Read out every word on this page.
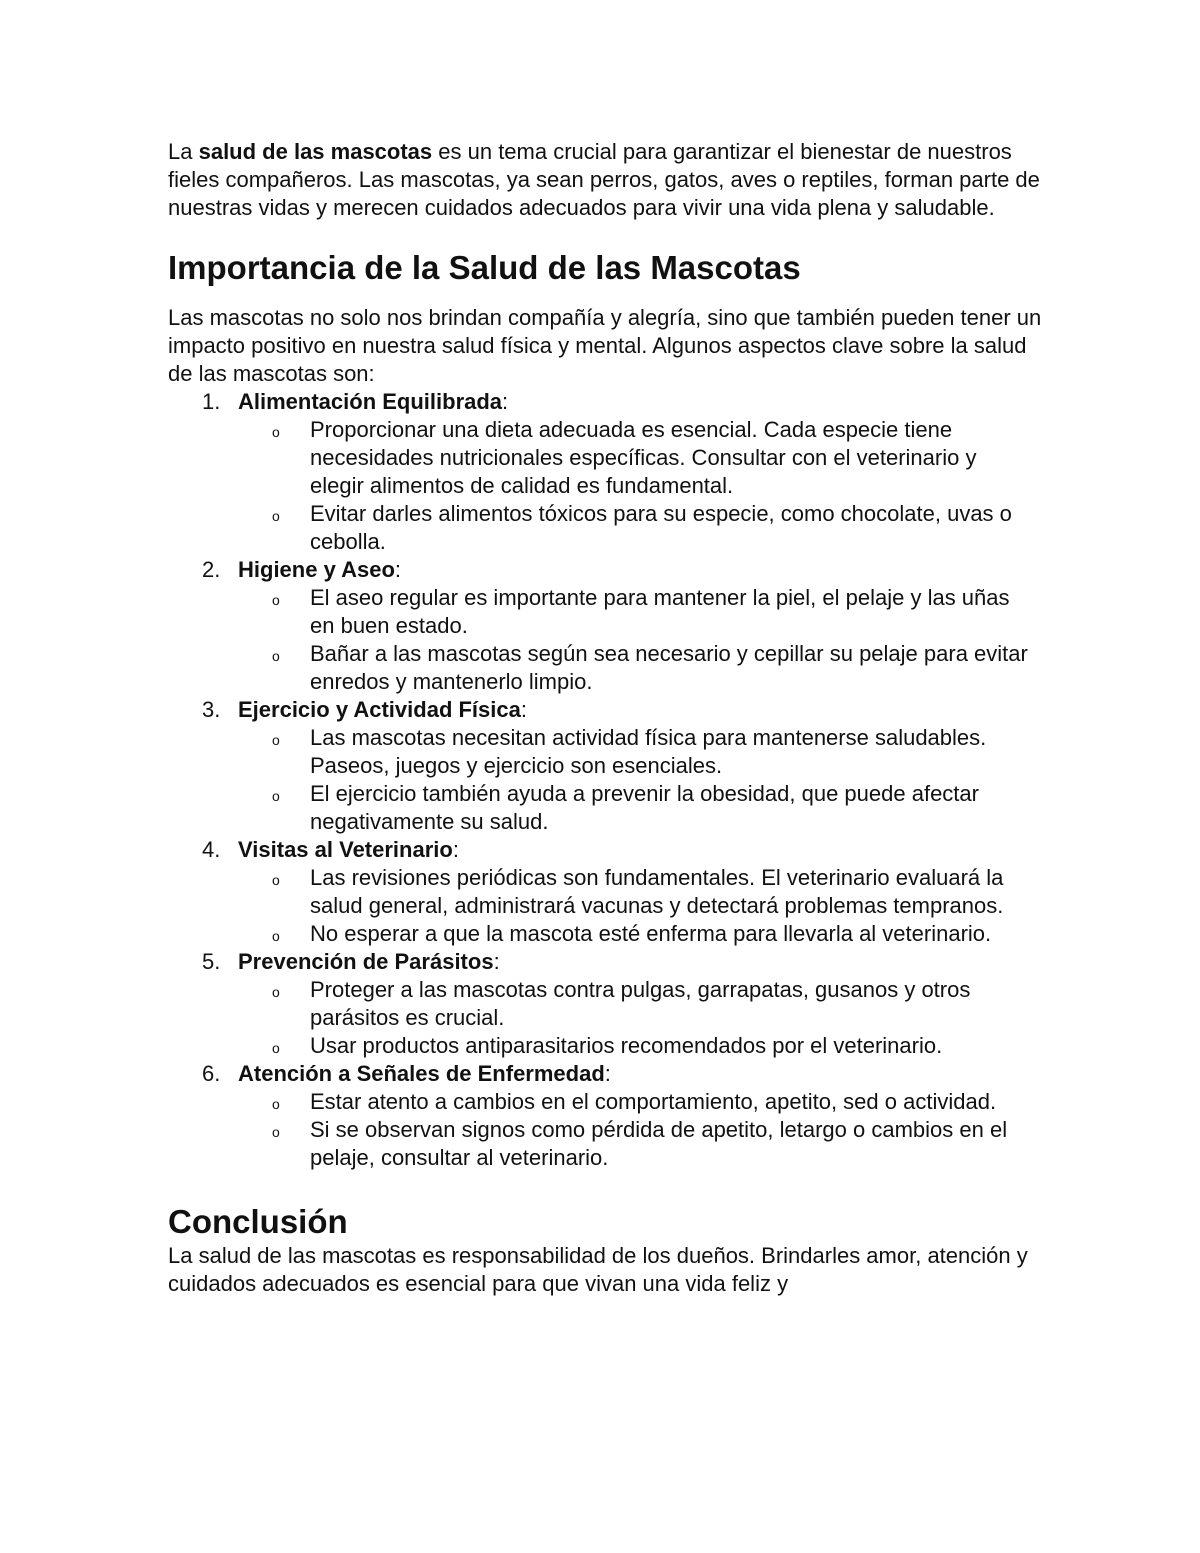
La salud de las mascotas es un tema crucial para garantizar el bienestar de nuestros fieles compañeros. Las mascotas, ya sean perros, gatos, aves o reptiles, forman parte de nuestras vidas y merecen cuidados adecuados para vivir una vida plena y saludable.

Importancia de la Salud de las Mascotas

Las mascotas no solo nos brindan compañía y alegría, sino que también pueden tener un impacto positivo en nuestra salud física y mental. Algunos aspectos clave sobre la salud de las mascotas son:

1. Alimentación Equilibrada:
o Proporcionar una dieta adecuada es esencial. Cada especie tiene necesidades nutricionales específicas. Consultar con el veterinario y elegir alimentos de calidad es fundamental.
o Evitar darles alimentos tóxicos para su especie, como chocolate, uvas o cebolla.
2. Higiene y Aseo:
o El aseo regular es importante para mantener la piel, el pelaje y las uñas en buen estado.
o Bañar a las mascotas según sea necesario y cepillar su pelaje para evitar enredos y mantenerlo limpio.
3. Ejercicio y Actividad Física:
o Las mascotas necesitan actividad física para mantenerse saludables. Paseos, juegos y ejercicio son esenciales.
o El ejercicio también ayuda a prevenir la obesidad, que puede afectar negativamente su salud.
4. Visitas al Veterinario:
o Las revisiones periódicas son fundamentales. El veterinario evaluará la salud general, administrará vacunas y detectará problemas tempranos.
o No esperar a que la mascota esté enferma para llevarla al veterinario.
5. Prevención de Parásitos:
o Proteger a las mascotas contra pulgas, garrapatas, gusanos y otros parásitos es crucial.
o Usar productos antiparasitarios recomendados por el veterinario.
6. Atención a Señales de Enfermedad:
o Estar atento a cambios en el comportamiento, apetito, sed o actividad.
o Si se observan signos como pérdida de apetito, letargo o cambios en el pelaje, consultar al veterinario.
Conclusión

La salud de las mascotas es responsabilidad de los dueños. Brindarles amor, atención y cuidados adecuados es esencial para que vivan una vida feliz y
